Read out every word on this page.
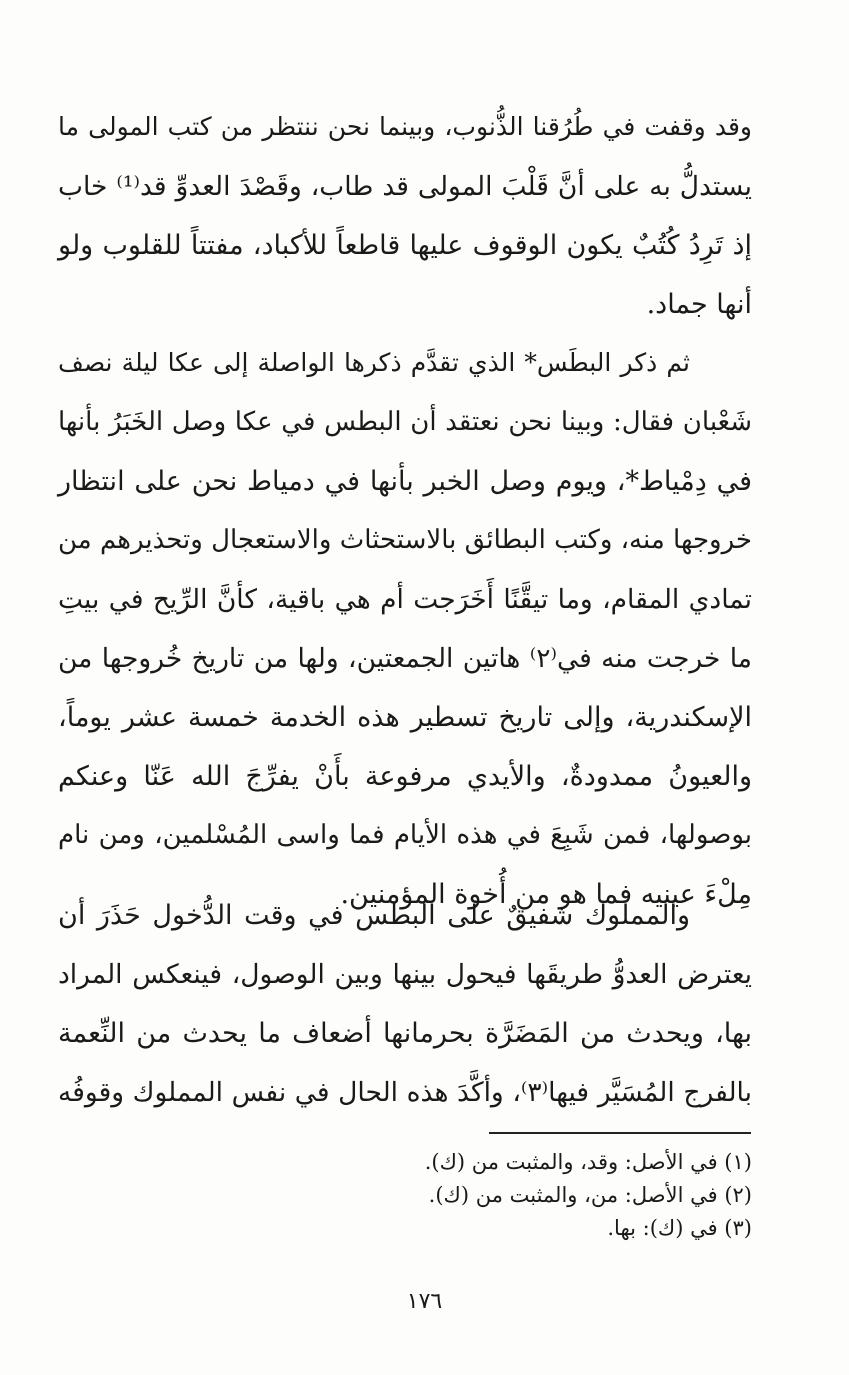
وقد وقفت في طُرُقنا الذُّنوب، وبينما نحن ننتظر من كتب المولى ما
يستدلُّ به على أنَّ قَلْبَ المولى قد طاب، وقَصْدَ العدوِّ قد⁽¹⁾ خاب
إذ تَرِدُ كُتُبٌ يكون الوقوف عليها قاطعاً للأكباد، مفتتاً للقلوب ولو
أنها جماد.
ثم ذكر البطَس* الذي تقدَّم ذكرها الواصلة إلى عكا ليلة نصف
شَعْبان فقال: وبينا نحن نعتقد أن البطس في عكا وصل الخَبَرُ بأنها
في دِمْياط*، ويوم وصل الخبر بأنها في دمياط نحن على انتظار
خروجها منه، وكتب البطائق بالاستحثاث والاستعجال وتحذيرهم من
تمادي المقام، وما تيقَّنًا أَخَرَجت أم هي باقية، كأنَّ الرِّيح في بيتِ
ما خرجت منه في⁽٢⁾ هاتين الجمعتين، ولها من تاريخ خُروجها من
الإسكندرية، وإلى تاريخ تسطير هذه الخدمة خمسة عشر يوماً،
والعيونُ ممدودةٌ، والأيدي مرفوعة بأَنْ يفرِّجَ الله عَنّا وعنكم
بوصولها، فمن شَبِعَ في هذه الأيام فما واسى المُسْلمين، ومن نام
مِلْءَ عينيه فما هو من أُخوة المؤمنين.
والمملوك شفيقٌ على البطس في وقت الدُّخول حَذَرَ أن
يعترض العدوُّ طريقَها فيحول بينها وبين الوصول، فينعكس المراد
بها، ويحدث من المَضَرَّة بحرمانها أضعاف ما يحدث من النِّعمة
بالفرج المُسَيَّر فيها⁽٣⁾، وأكَّدَ هذه الحال في نفس المملوك وقوفُه
(١) في الأصل: وقد، والمثبت من (ك).
(٢) في الأصل: من، والمثبت من (ك).
(٣) في (ك): بها.
١٧٦
